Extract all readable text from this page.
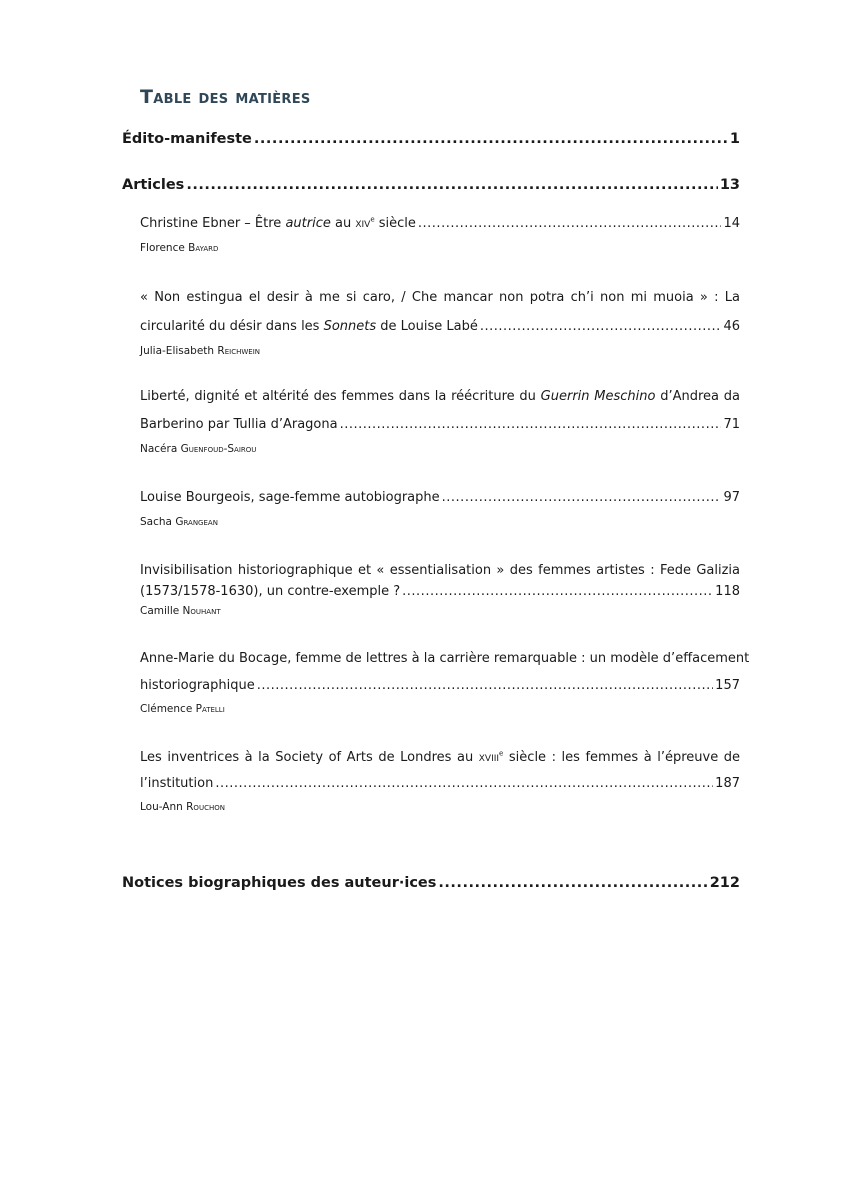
Table des matières
Édito-manifeste .....	1
Articles .....	13
Christine Ebner – Être autrice au xiv$^e$ siècle .....	14
Florence Bayard
« Non estingua el desir à me si caro, / Che mancar non potra ch’i non mi muoia » : La
circularité du désir dans les Sonnets de Louise Labé .....	46
Julia-Elisabeth Reichwein
Liberté, dignité et altérité des femmes dans la réécriture du Guerrin Meschino d’Andrea da
Barberino par Tullia d’Aragona .....	71
Nacéra Guenfoud-Sairou
Louise Bourgeois, sage-femme autobiographe .....	97
Sacha Grangean
Invisibilisation historiographique et « essentialisation » des femmes artistes : Fede Galizia
(1573/1578-1630), un contre-exemple ? .....	118
Camille Nouhant
Anne-Marie du Bocage, femme de lettres à la carrière remarquable : un modèle d’effacement
historiographique .....	157
Clémence Patelli
Les inventrices à la Society of Arts de Londres au xviii$^e$ siècle : les femmes à l’épreuve de
l’institution .....	187
Lou-Ann Rouchon
Notices biographiques des auteur·ices .....	212
